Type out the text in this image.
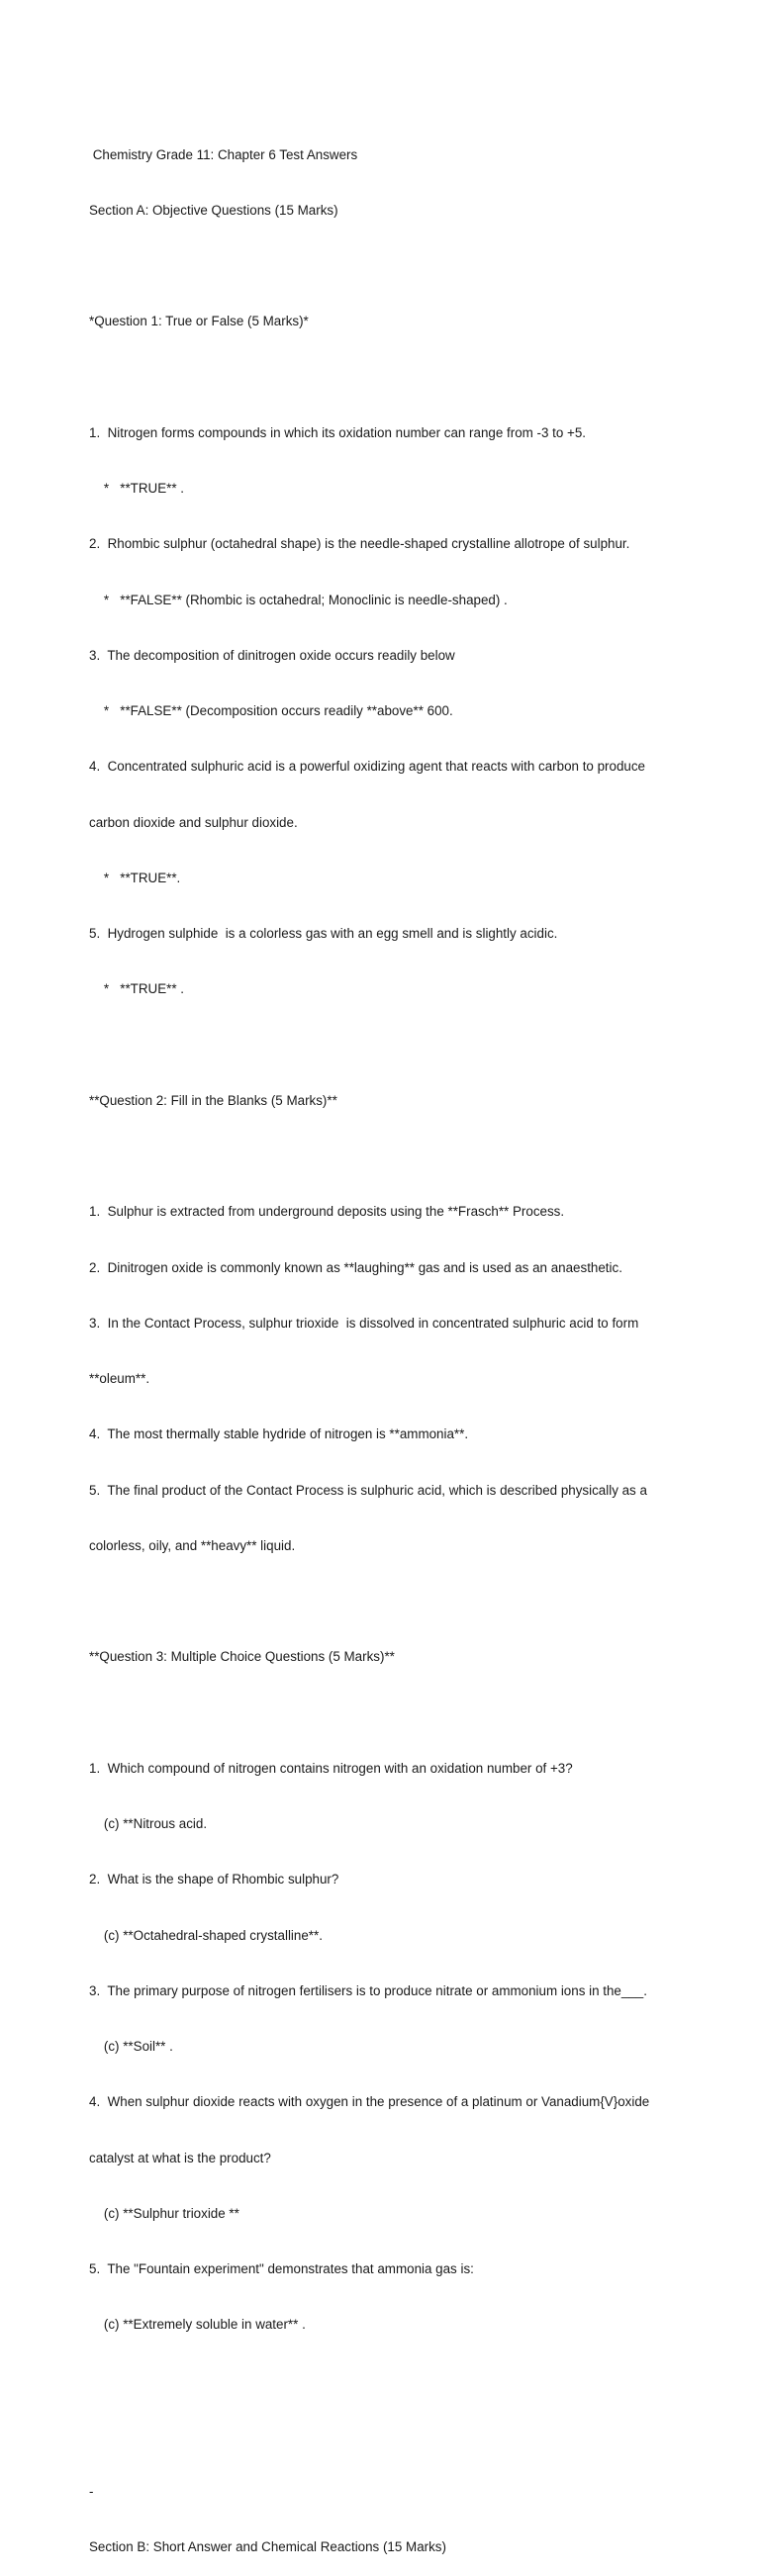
Chemistry Grade 11: Chapter 6 Test Answers

Section A: Objective Questions (15 Marks)

*Question 1: True or False (5 Marks)*

1.  Nitrogen forms compounds in which its oxidation number can range from -3 to +5.

*   **TRUE** .

2.  Rhombic sulphur (octahedral shape) is the needle-shaped crystalline allotrope of sulphur.

*   **FALSE** (Rhombic is octahedral; Monoclinic is needle-shaped) .

3.  The decomposition of dinitrogen oxide occurs readily below

*   **FALSE** (Decomposition occurs readily **above** 600.

4.  Concentrated sulphuric acid is a powerful oxidizing agent that reacts with carbon to produce

carbon dioxide and sulphur dioxide.

*   **TRUE**.

5.  Hydrogen sulphide  is a colorless gas with an egg smell and is slightly acidic.

*   **TRUE** .

**Question 2: Fill in the Blanks (5 Marks)**

1.  Sulphur is extracted from underground deposits using the **Frasch** Process.

2.  Dinitrogen oxide is commonly known as **laughing** gas and is used as an anaesthetic.

3.  In the Contact Process, sulphur trioxide  is dissolved in concentrated sulphuric acid to form

**oleum**.

4.  The most thermally stable hydride of nitrogen is **ammonia**.

5.  The final product of the Contact Process is sulphuric acid, which is described physically as a

colorless, oily, and **heavy** liquid.

**Question 3: Multiple Choice Questions (5 Marks)**

1.  Which compound of nitrogen contains nitrogen with an oxidation number of +3?

(c) **Nitrous acid.

2.  What is the shape of Rhombic sulphur?

(c) **Octahedral-shaped crystalline**.

3.  The primary purpose of nitrogen fertilisers is to produce nitrate or ammonium ions in the___.

(c) **Soil** .

4.  When sulphur dioxide reacts with oxygen in the presence of a platinum or Vanadium{V}oxide

catalyst at what is the product?

(c) **Sulphur trioxide **

5.  The "Fountain experiment" demonstrates that ammonia gas is:

(c) **Extremely soluble in water** .

-

Section B: Short Answer and Chemical Reactions (15 Marks)
